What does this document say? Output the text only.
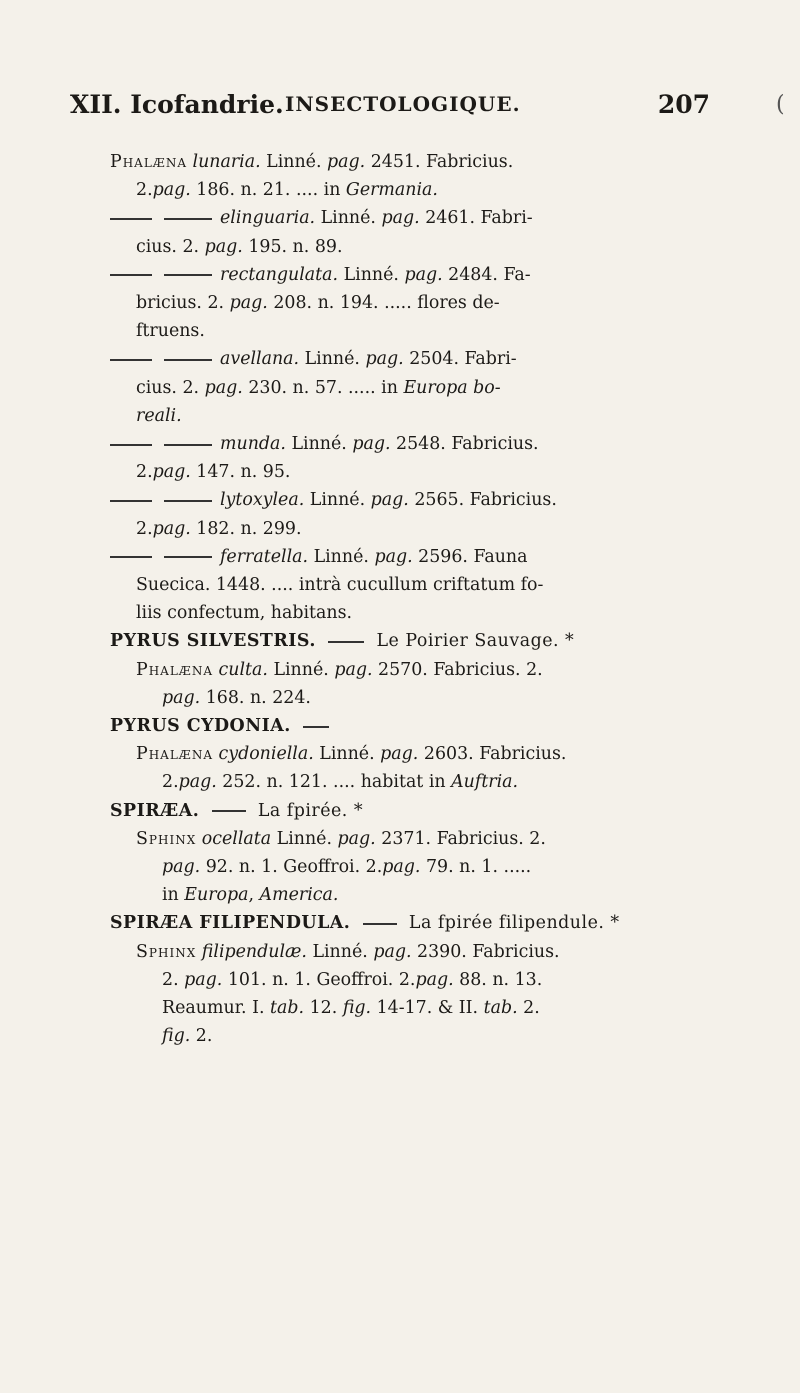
(
XII. Icofandrie. INSECTOLOGIQUE.	207

Phalæna lunaria. Linné. pag. 2451. Fabricius.

2.pag. 186. n. 21. .... in Germania.

elinguaria. Linné. pag. 2461. Fabri-

cius. 2. pag. 195. n. 89.

rectangulata. Linné. pag. 2484. Fa-

bricius. 2. pag. 208. n. 194. ..... flores de-

ftruens.

avellana. Linné. pag. 2504. Fabri-

cius. 2. pag. 230. n. 57. ..... in Europa bo-

reali.

munda. Linné. pag. 2548. Fabricius.

2.pag. 147. n. 95.

lytoxylea. Linné. pag. 2565. Fabricius.

2.pag. 182. n. 299.

ferratella. Linné. pag. 2596. Fauna

Suecica. 1448. .... intrà cucullum criftatum fo-

liis confectum, habitans.

PYRUS SILVESTRIS.	Le Poirier Sauvage. *

Phalæna culta. Linné. pag. 2570. Fabricius. 2.

pag. 168. n. 224.

PYRUS CYDONIA.

Phalæna cydoniella. Linné. pag. 2603. Fabricius.

2.pag. 252. n. 121. .... habitat in Auftria.

SPIRÆA.	La fpirée. *

Sphinx ocellata Linné. pag. 2371. Fabricius. 2.

pag. 92. n. 1. Geoffroi. 2.pag. 79. n. 1. .....

in Europa, America.

SPIRÆA FILIPENDULA.	La fpirée filipendule. *

Sphinx filipendulæ. Linné. pag. 2390. Fabricius.

2. pag. 101. n. 1. Geoffroi. 2.pag. 88. n. 13.

Reaumur. I. tab. 12. fig. 14-17. & II. tab. 2.

fig. 2.
